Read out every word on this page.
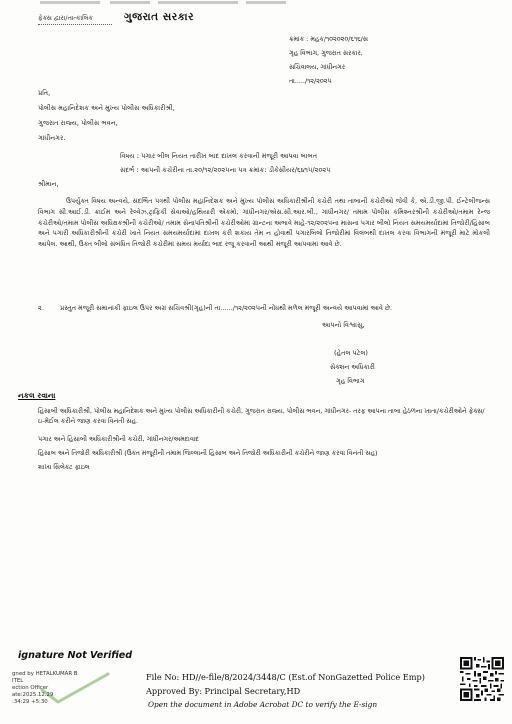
ફેક્સ દ્વારા/તાત્કાલિક	ગુજરાત સરકાર
ક્રમાંક : મહક/૧૦૨૦૨૦/૬૧૬/સ
ગૃહ વિભાગ, ગુજરાત સરકાર,
સચિવાલય, ગાંધીનગર
તા...../૧૨/૨૦૨૫
પ્રતિ,
પોલીસ મહાનિદેશક અને મુખ્ય પોલીસ અધિકારીશ્રી,
ગુજરાત રાજ્ય, પોલીસ ભવન,
ગાંધીનગર.
વિષય : પગાર બીલ નિયત તારીખ બાદ દાખલ કરવાની મંજૂરી આપવા બાબત
સંદર્ભ : આપની કચેરીના તા.૨૦/૧૨/૨૦૨૫ના પત્ર ક્રમાંક: ડીકેસીયર/૬૪૧૫/૨૦૨૫
શ્રીમાન,
ઉપર્યુક્ત વિષય અન્વયે, સંદર્ભિત પત્રથી પોલીસ મહાનિદેશક અને મુખ્ય પોલીસ અધિકારીશ્રીની કચેરી તથા તાબાની કચેરીઓ જેવી કે, એ.ડી.જી.પી. ઈન્ટેલીજન્સ વિભાગ સી.આઈ.ડી. ક્રાઈમ અને રેલ્વેઝ,ટ્રાફિકી સેવાઓ/હથિયારી એકમો, ગાંધીનગર/એસ.સી.આર.બી., ગાંધીનગર/ તમામ પોલીસ કમિશ્નરશ્રીની કચેરીઓ/તમામ રેન્જ કચેરીઓ/તમામ પોલીસ અધિક્ષકશ્રીની કચેરીઓ/ તમામ સેનાપતિશ્રીની કચેરીઓમાં ગ્રાન્ટના અભાવે માહે-૧૨/૨૦૨૫ના માસના પગાર બીલો નિયત સમયમર્યાદામાં તિજોરી/હિસાબ અને પગારી અધિકારીશ્રીની કચેરી ખાતે નિયત સમયમર્યાદામાં દાખલ કરી શકાય તેમ ન હોવાથી પગારબિલો તિજોરીમાં વિલંબથી દાખલ કરવા વિભાગની મંજૂરી માટે મોકલી આપેલ. આથી, ઉક્ત બીલો સંબંધિત તિજોરી કચેરીમાં સમય મર્યાદા બાદ રજૂ કરવાની આથી મંજૂરી આપવામાં આવે છે.
૨. પ્રસ્તુત મંજૂરી સમાનાંકી ફાઇલ ઉપર અગ્ર સચિવશ્રી(ગૃહ)ની તા....../૧૨/૨૦૨૫ની નોંધથી મળેલ મંજૂરી અન્વયે આપવામાં આવે છે.
આપનો વિશ્વાસુ,
(હેતલ પટેલ)
સેક્શન અધિકારી
ગૃહ વિભાગ
નકલ રવાના
હિસાબી અધિકારીશ્રી, પોલીસ મહાનિદેશક અને મુખ્ય પોલીસ અધિકારીની કચેરી, ગુજરાત રાજ્ય, પોલીસ ભવન, ગાંધીનગર- તરફ આપના તાબા હેઠળના ખાતા/કચેરીઓને ફેક્સ/ઇ-મેઈલ કરીને જાણ કરવા વિનંતી સહ.
પગાર અને હિસાબી અધિકારીશ્રીની કચેરી, ગાંધીનગર/અમદાવાદ
હિસાબ અને તિજોરી અધિકારીશ્રી (ઉક્ત મંજૂરીની તમામ જિલ્લાની હિસાબ અને તિજોરી અધિકારીની કચેરીને જાણ કરવા વિનંતી સહ)
શાખા સિલેક્ટ ફાઇલ
ignature Not Verified
gned by HETALKUMAR B
ITEL
ection Officer
ate:2025.12.29
:34:29 +5:30
File No: HD//e-file/8/2024/3448/C (Est.of NonGazetted Police Emp)
Approved By: Principal Secretary,HD
Open the document in Adobe Acrobat DC to verify the E-sign
